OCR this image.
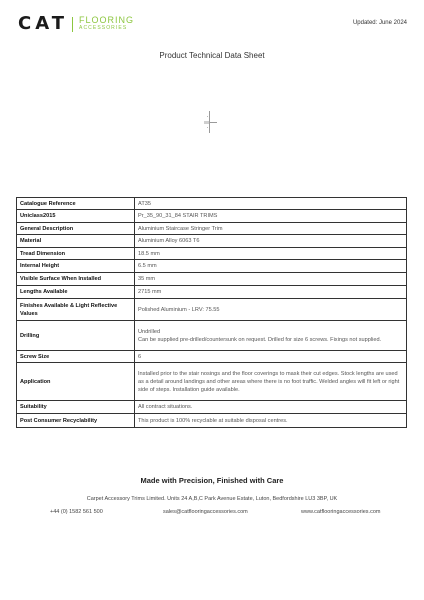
CAT FLOORING
ACCESSORIES
Updated: June 2024
Product Technical Data Sheet
Catalogue Reference	AT35
Uniclass2015	Pr_35_90_31_84 STAIR TRIMS
General Description	Aluminium Staircase Stringer Trim
Material	Aluminium Alloy 6063 T6
Tread Dimension	18.5 mm
Internal Height	6.5 mm
Visible Surface When Installed	35 mm
Lengths Available	2715 mm
Finishes Available & Light Reflective Values	Polished Aluminium - LRV: 75.55
Drilling	Undrilled
Can be supplied pre-drilled/countersunk on request. Drilled for size 6 screws. Fixings not supplied.

Screw Size	6
Application	Installed prior to the stair nosings and the floor coverings to mask their cut edges. Stock lengths are used as a detail around landings and other areas where there is no foot traffic. Welded angles will fit left or right side of steps. Installation guide available.
Suitability	All contract situations.
Post Consumer Recyclability	This product is 100% recyclable at suitable disposal centres.
Made with Precision, Finished with Care
Carpet Accessory Trims Limited. Units 24 A,B,C Park Avenue Estate, Luton, Bedfordshire LU3 3BP, UK
+44 (0) 1582 561 500	sales@catflooringaccessories.com	www.catflooringaccessories.com
